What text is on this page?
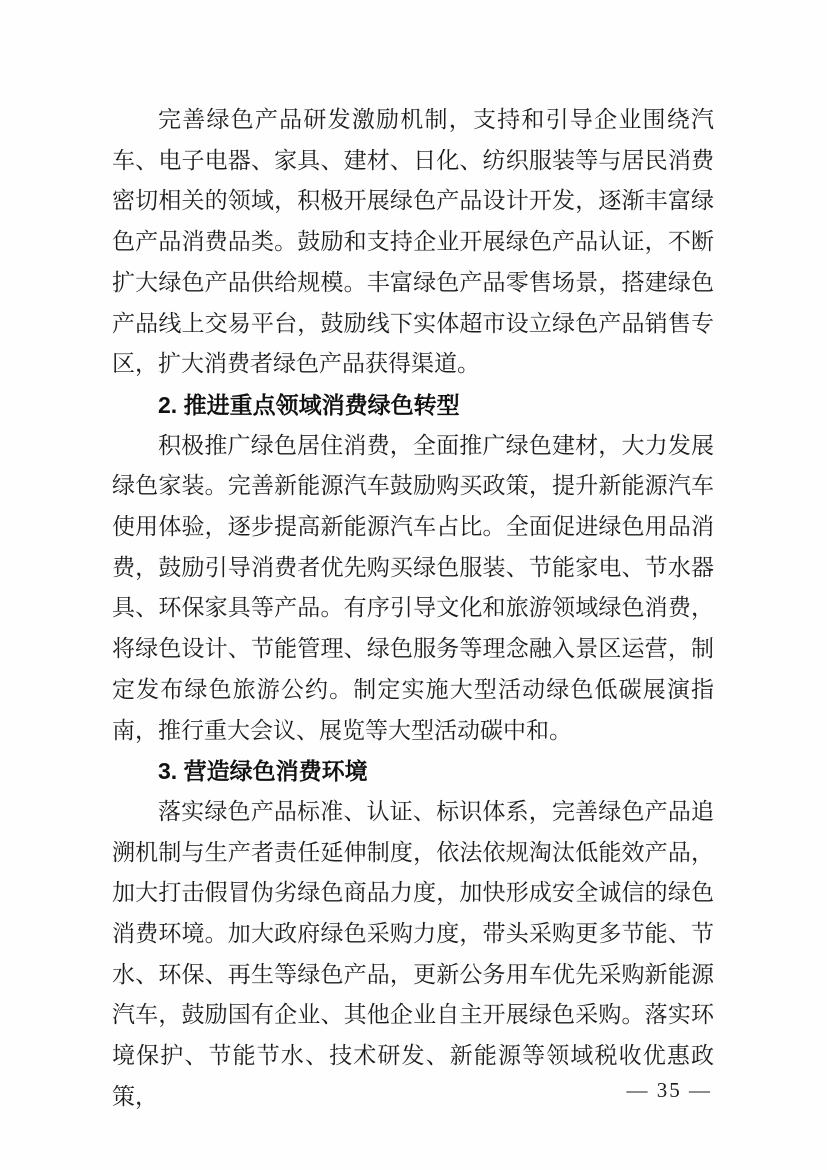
完善绿色产品研发激励机制，支持和引导企业围绕汽车、电子电器、家具、建材、日化、纺织服装等与居民消费密切相关的领域，积极开展绿色产品设计开发，逐渐丰富绿色产品消费品类。鼓励和支持企业开展绿色产品认证，不断扩大绿色产品供给规模。丰富绿色产品零售场景，搭建绿色产品线上交易平台，鼓励线下实体超市设立绿色产品销售专区，扩大消费者绿色产品获得渠道。

2. 推进重点领域消费绿色转型

积极推广绿色居住消费，全面推广绿色建材，大力发展绿色家装。完善新能源汽车鼓励购买政策，提升新能源汽车使用体验，逐步提高新能源汽车占比。全面促进绿色用品消费，鼓励引导消费者优先购买绿色服装、节能家电、节水器具、环保家具等产品。有序引导文化和旅游领域绿色消费，将绿色设计、节能管理、绿色服务等理念融入景区运营，制定发布绿色旅游公约。制定实施大型活动绿色低碳展演指南，推行重大会议、展览等大型活动碳中和。

3. 营造绿色消费环境

落实绿色产品标准、认证、标识体系，完善绿色产品追溯机制与生产者责任延伸制度，依法依规淘汰低能效产品，加大打击假冒伪劣绿色商品力度，加快形成安全诚信的绿色消费环境。加大政府绿色采购力度，带头采购更多节能、节水、环保、再生等绿色产品，更新公务用车优先采购新能源汽车，鼓励国有企业、其他企业自主开展绿色采购。落实环境保护、节能节水、技术研发、新能源等领域税收优惠政策，	— 35 —
